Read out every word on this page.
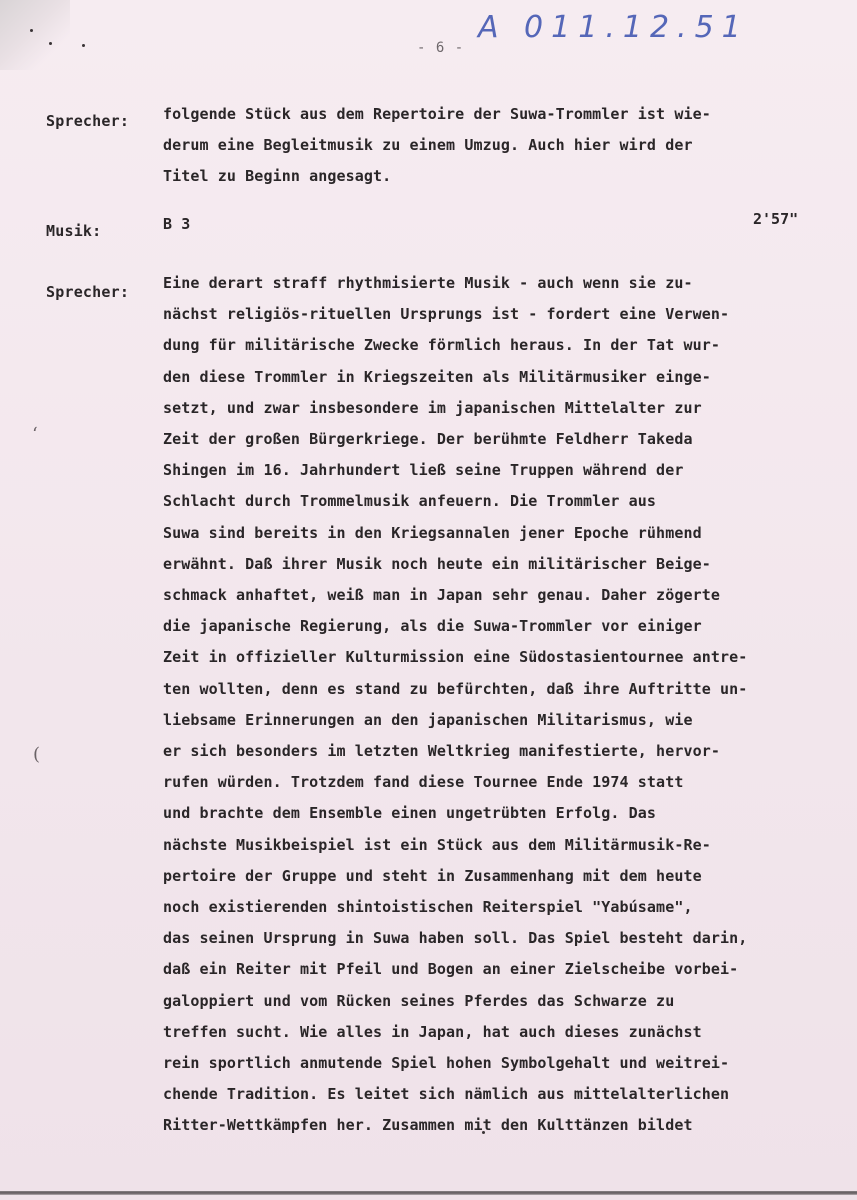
- 6 -
A 011.12.51
Sprecher: folgende Stück aus dem Repertoire der Suwa-Trommler ist wie-
derum eine Begleitmusik zu einem Umzug. Auch hier wird der
Titel zu Beginn angesagt.
Musik:	B 3	2'57"
Sprecher: Eine derart straff rhythmisierte Musik - auch wenn sie zu-
nächst religiös-rituellen Ursprungs ist - fordert eine Verwen-
dung für militärische Zwecke förmlich heraus. In der Tat wur-
den diese Trommler in Kriegszeiten als Militärmusiker einge-
setzt, und zwar insbesondere im japanischen Mittelalter zur
Zeit der großen Bürgerkriege. Der berühmte Feldherr Takeda
Shingen im 16. Jahrhundert ließ seine Truppen während der
Schlacht durch Trommelmusik anfeuern. Die Trommler aus
Suwa sind bereits in den Kriegsannalen jener Epoche rühmend
erwähnt. Daß ihrer Musik noch heute ein militärischer Beige-
schmack anhaftet, weiß man in Japan sehr genau. Daher zögerte
die japanische Regierung, als die Suwa-Trommler vor einiger
Zeit in offizieller Kulturmission eine Südostasientournee antre-
ten wollten, denn es stand zu befürchten, daß ihre Auftritte un-
liebsame Erinnerungen an den japanischen Militarismus, wie
er sich besonders im letzten Weltkrieg manifestierte, hervor-
rufen würden. Trotzdem fand diese Tournee Ende 1974 statt
und brachte dem Ensemble einen ungetrübten Erfolg. Das
nächste Musikbeispiel ist ein Stück aus dem Militärmusik-Re-
pertoire der Gruppe und steht in Zusammenhang mit dem heute
noch existierenden shintoistischen Reiterspiel "Yabúsame",
das seinen Ursprung in Suwa haben soll. Das Spiel besteht darin,
daß ein Reiter mit Pfeil und Bogen an einer Zielscheibe vorbei-
galoppiert und vom Rücken seines Pferdes das Schwarze zu
treffen sucht. Wie alles in Japan, hat auch dieses zunächst
rein sportlich anmutende Spiel hohen Symbolgehalt und weitrei-
chende Tradition. Es leitet sich nämlich aus mittelalterlichen
Ritter-Wettkämpfen her. Zusammen mit den Kulttänzen bildet
‘
(
